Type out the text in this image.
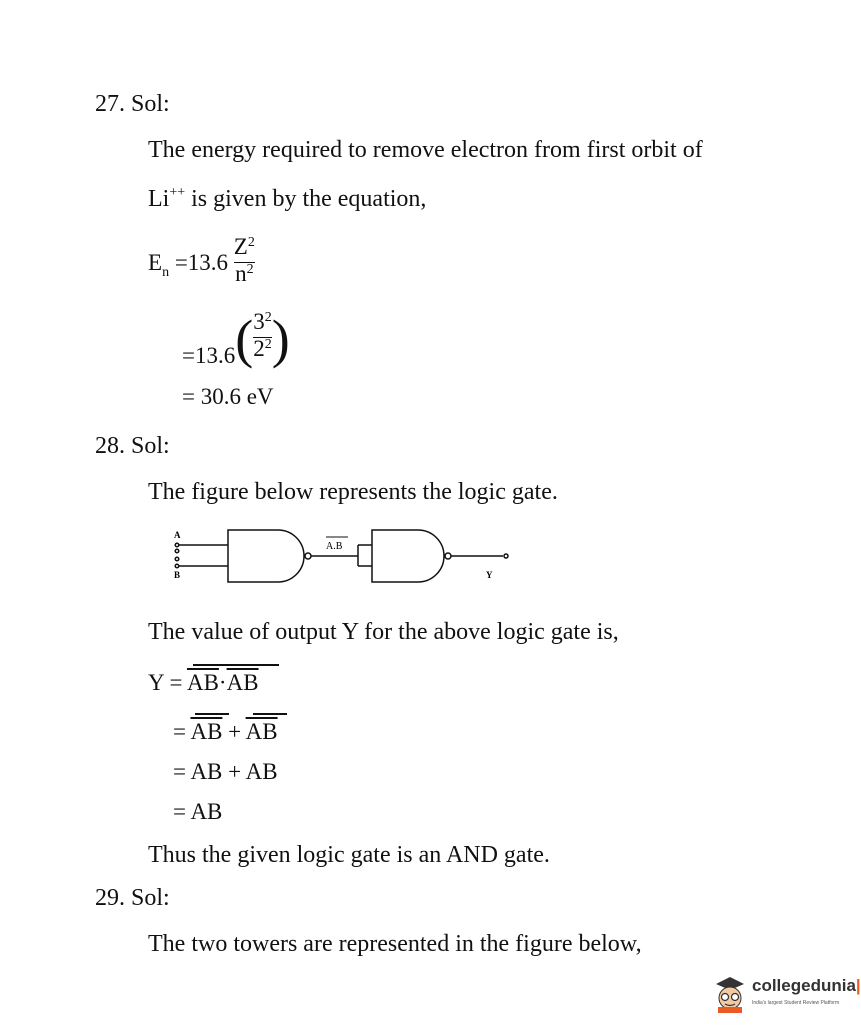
27. Sol:
The energy required to remove electron from first orbit of
Li++ is given by the equation,
$E_n =13.6 \frac{Z^2}{n^2}$
$=13.6( \frac{3^2}{2^2}$ )
= 30.6 eV
28. Sol:
The figure below represents the logic gate.
A
B
A.B
Y
The value of output Y for the above logic gate is,
$Y = \overline{AB}\cdot\overline{AB}$
= $\overline{AB} + \overline{AB}$
= AB + AB
= AB
Thus the given logic gate is an AND gate.
29. Sol:
The two towers are represented in the figure below,
collegedunia|
India's largest Student Review Platform
